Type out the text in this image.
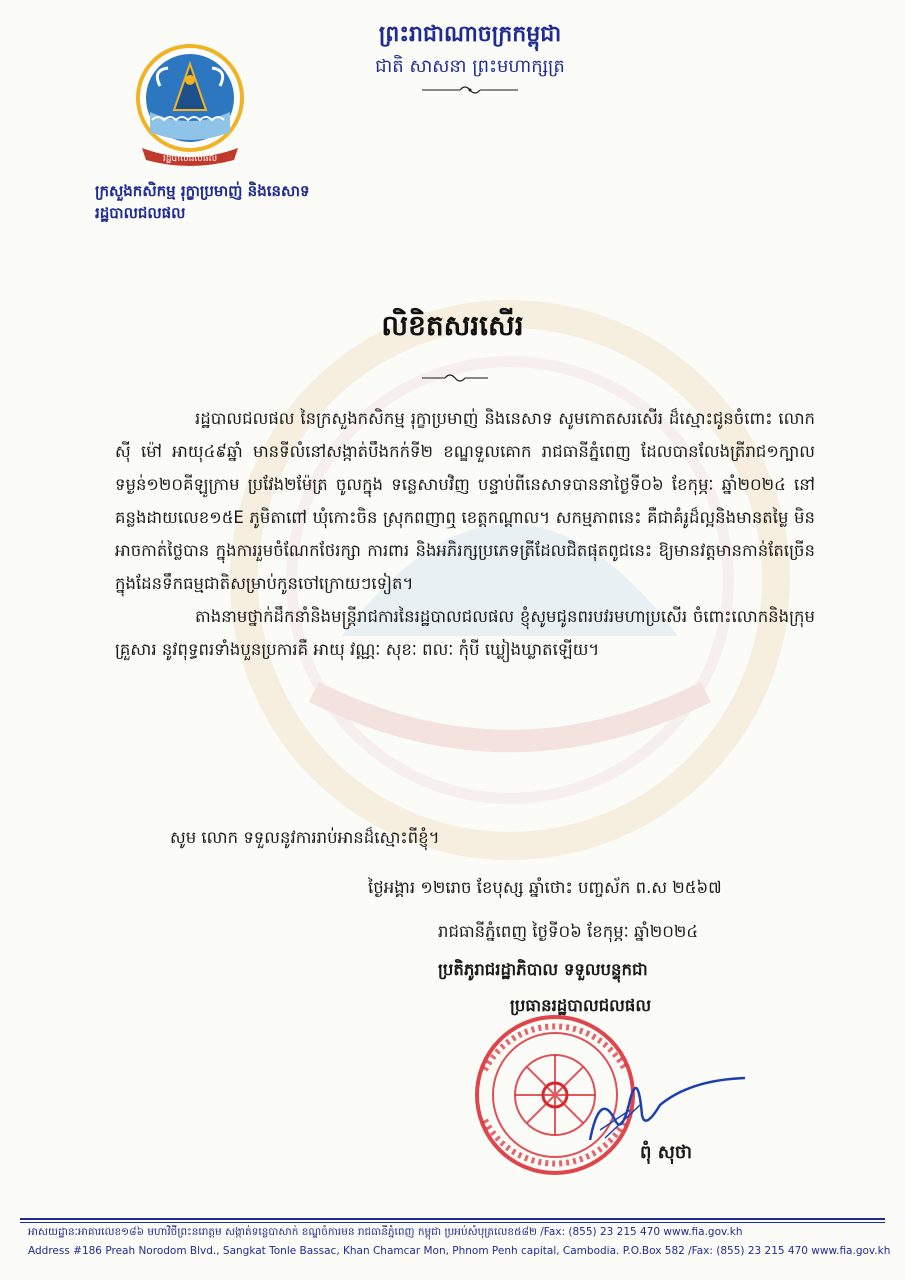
រដ្ឋបាលជលផល
ក្រសួងកសិកម្ម រុក្ខាប្រមាញ់ និងនេសាទ
រដ្ឋបាលជលផល
ព្រះរាជាណាចក្រកម្ពុជា
ជាតិ សាសនា ព្រះមហាក្សត្រ
លិខិតសរសើរ

រដ្ឋបាលជលផល នៃក្រសួងកសិកម្ម រុក្ខាប្រមាញ់ និងនេសាទ សូមកោតសរសើរ ដ៏ស្មោះជូនចំពោះ លោក ស៊ី ម៉ៅ អាយុ៤៩ឆ្នាំ មានទីលំនៅសង្កាត់បឹងកក់ទី២ ខណ្ឌទួលគោក រាជធានីភ្នំពេញ ដែលបានលែងត្រីរាជ១ក្បាល ទម្ងន់១២០គីឡូក្រាម ប្រវែង២ម៉ែត្រ ចូលក្នុង ទន្លេសាបវិញ បន្ទាប់ពីនេសាទបាននាថ្ងៃទី០៦ ខែកុម្ភៈ ឆ្នាំ២០២៤ នៅគន្លងដាយលេខ១៥E ភូមិតាពៅ ឃុំកោះចិន ស្រុកពញាឮ ខេត្តកណ្ដាល។ សកម្មភាពនេះ គឺជាគំរូដ៏ល្អនិងមានតម្លៃ មិនអាចកាត់ថ្លៃបាន ក្នុងការរួមចំណែកថែរក្សា ការពារ និងអភិរក្សប្រភេទត្រីដែលជិតផុតពូជនេះ ឱ្យមានវត្តមានកាន់តែច្រើនក្នុងដែនទឹកធម្មជាតិសម្រាប់កូនចៅក្រោយៗទៀត។

តាងនាមថ្នាក់ដឹកនាំនិងមន្ត្រីរាជការនៃរដ្ឋបាលជលផល ខ្ញុំសូមជូនពរបវរមហាប្រសើរ ចំពោះលោកនិងក្រុមគ្រួសារ នូវពុទ្ធពរទាំងបួនប្រការគឺ អាយុ វណ្ណៈ សុខៈ ពលៈ កុំបី ឃ្លៀងឃ្លាតឡើយ។

សូម លោក ទទួលនូវការរាប់អានដ៏ស្មោះពីខ្ញុំ។
ថ្ងៃអង្គារ ១២រោច ខែបុស្ស ឆ្នាំថោះ បញ្ចស័ក ព.ស ២៥៦៧
រាជធានីភ្នំពេញ ថ្ងៃទី០៦ ខែកុម្ភៈ ឆ្នាំ២០២៤
ប្រតិភូរាជរដ្ឋាភិបាល ទទួលបន្ទុកជា
ប្រធានរដ្ឋបាលជលផល
ពុំ សុថា
អាសយដ្ឋានៈអាគារលេខ១៨៦ មហាវិថីព្រះនរោត្តម សង្កាត់ទន្លេបាសាក់ ខណ្ឌចំការមន រាជធានីភ្នំពេញ កម្ពុជា ប្រអប់សំបុត្រលេខ៥៨២ /Fax: (855) 23 215 470 www.fia.gov.kh
Address #186 Preah Norodom Blvd., Sangkat Tonle Bassac, Khan Chamcar Mon, Phnom Penh capital, Cambodia. P.O.Box 582 /Fax: (855) 23 215 470 www.fia.gov.kh
